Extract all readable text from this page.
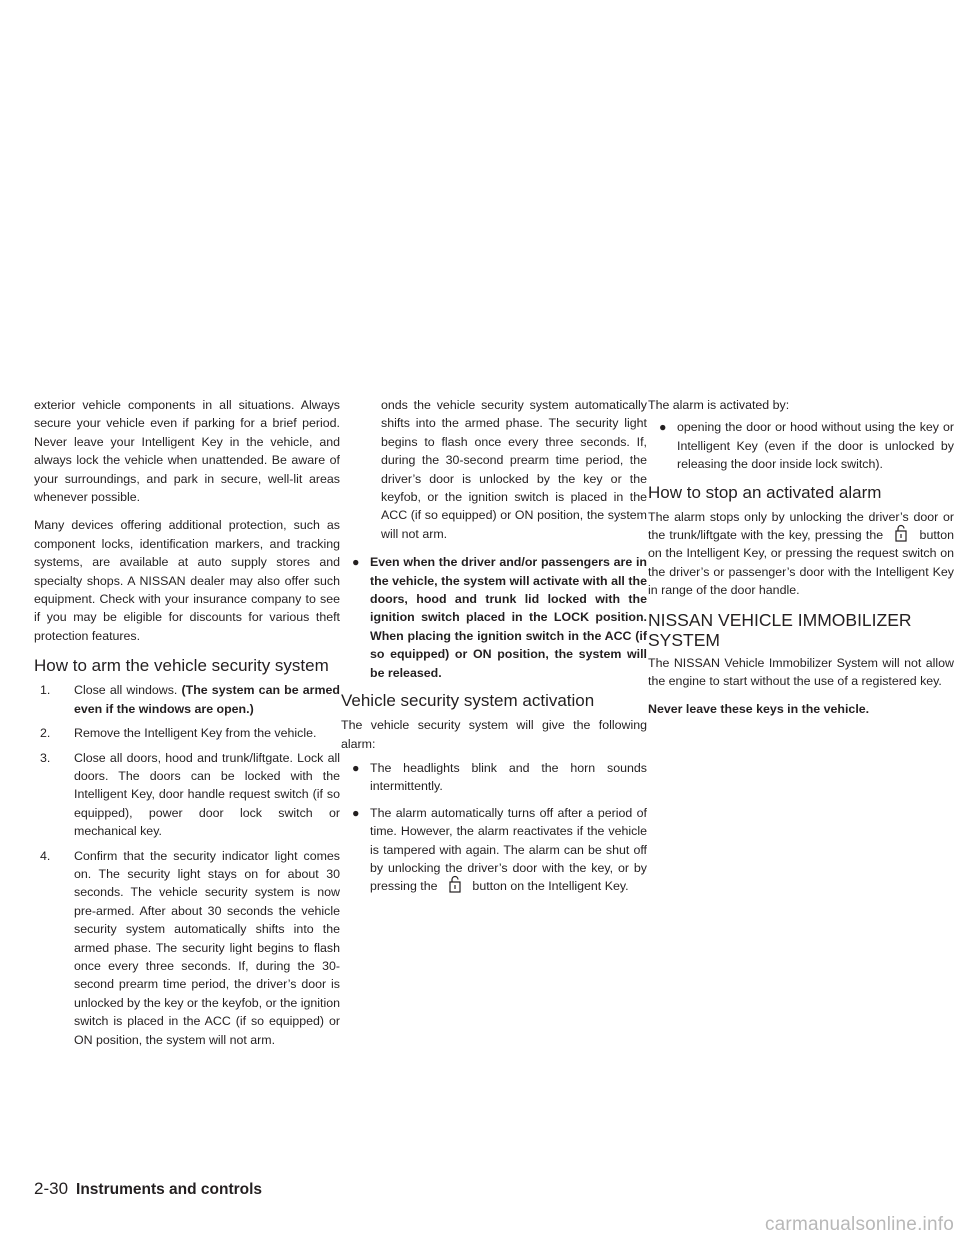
exterior vehicle components in all situations. Always secure your vehicle even if parking for a brief period. Never leave your Intelligent Key in the vehicle, and always lock the vehicle when unattended. Be aware of your surroundings, and park in secure, well-lit areas whenever possible.

Many devices offering additional protection, such as component locks, identification markers, and tracking systems, are available at auto supply stores and specialty shops. A NISSAN dealer may also offer such equipment. Check with your insurance company to see if you may be eligible for discounts for various theft protection features.

How to arm the vehicle security system
1. Close all windows. (The system can be armed even if the windows are open.)
2. Remove the Intelligent Key from the vehicle.
3. Close all doors, hood and trunk/liftgate. Lock all doors. The doors can be locked with the Intelligent Key, door handle request switch (if so equipped), power door lock switch or mechanical key.
4. Confirm that the security indicator light comes on. The security light stays on for about 30 seconds. The vehicle security system is now pre-armed. After about 30 seconds the vehicle security system automatically shifts into the armed phase. The security light begins to flash once every three seconds. If, during the 30-second prearm time period, the driver’s door is unlocked by the key or the keyfob, or the ignition switch is placed in the ACC (if so equipped) or ON position, the system will not arm.

onds the vehicle security system automatically shifts into the armed phase. The security light begins to flash once every three seconds. If, during the 30-second prearm time period, the driver’s door is unlocked by the key or the keyfob, or the ignition switch is placed in the ACC (if so equipped) or ON position, the system will not arm.

● Even when the driver and/or passengers are in the vehicle, the system will activate with all the doors, hood and trunk lid locked with the ignition switch placed in the LOCK position. When placing the ignition switch in the ACC (if so equipped) or ON position, the system will be released.
Vehicle security system activation

The vehicle security system will give the following alarm:

● The headlights blink and the horn sounds intermittently.
● The alarm automatically turns off after a period of time. However, the alarm reactivates if the vehicle is tampered with again. The alarm can be shut off by unlocking the driver’s door with the key, or by pressing the	button on the Intelligent Key.

The alarm is activated by:

● opening the door or hood without using the key or Intelligent Key (even if the door is unlocked by releasing the door inside lock switch).
How to stop an activated alarm

The alarm stops only by unlocking the driver’s door or the trunk/liftgate with the key, pressing the	button on the Intelligent Key, or pressing the request switch on the driver’s or passenger’s door with the Intelligent Key in range of the door handle.

NISSAN VEHICLE IMMOBILIZER SYSTEM

The NISSAN Vehicle Immobilizer System will not allow the engine to start without the use of a registered key.

Never leave these keys in the vehicle.

2-30 Instruments and controls
carmanualsonline.info
